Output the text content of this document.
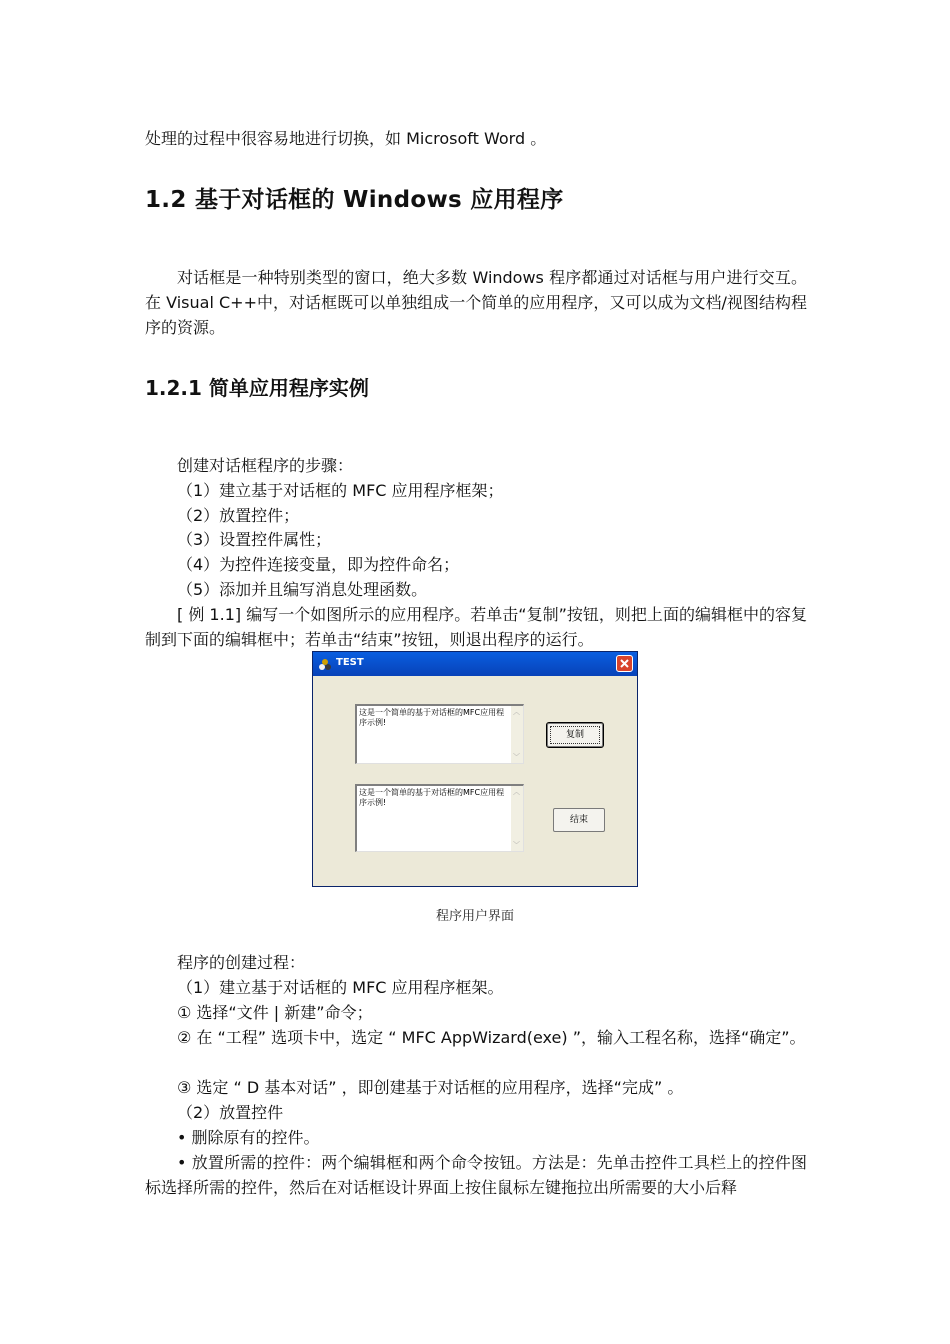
处理的过程中很容易地进行切换，如 Microsoft Word 。
1.2 基于对话框的 Windows 应用程序
对话框是一种特别类型的窗口，绝大多数 Windows 程序都通过对话框与用户进行交互。在 Visual C++中，对话框既可以单独组成一个简单的应用程序，又可以成为文档/视图结构程序的资源。
1.2.1 简单应用程序实例
创建对话框程序的步骤：
（1）建立基于对话框的 MFC 应用程序框架；
（2）放置控件；
（3）设置控件属性；
（4）为控件连接变量，即为控件命名；
（5）添加并且编写消息处理函数。
[ 例 1.1] 编写一个如图所示的应用程序。若单击“复制”按钮，则把上面的编辑框中的容复制到下面的编辑框中；若单击“结束”按钮，则退出程序的运行。
TEST
这是一个简单的基于对话框的MFC应用程序示例!
︿
﹀
这是一个简单的基于对话框的MFC应用程序示例!
︿
﹀
复制
结束
程序用户界面
程序的创建过程：
（1）建立基于对话框的 MFC 应用程序框架。
① 选择“文件 | 新建”命令；
② 在 “工程” 选项卡中，选定 “ MFC AppWizard(exe) ”，输入工程名称，选择“确定”。
③ 选定 “ D 基本对话” ，即创建基于对话框的应用程序，选择“完成” 。
（2）放置控件
• 删除原有的控件。
• 放置所需的控件：两个编辑框和两个命令按钮。方法是：先单击控件工具栏上的控件图标选择所需的控件，然后在对话框设计界面上按住鼠标左键拖拉出所需要的大小后释
